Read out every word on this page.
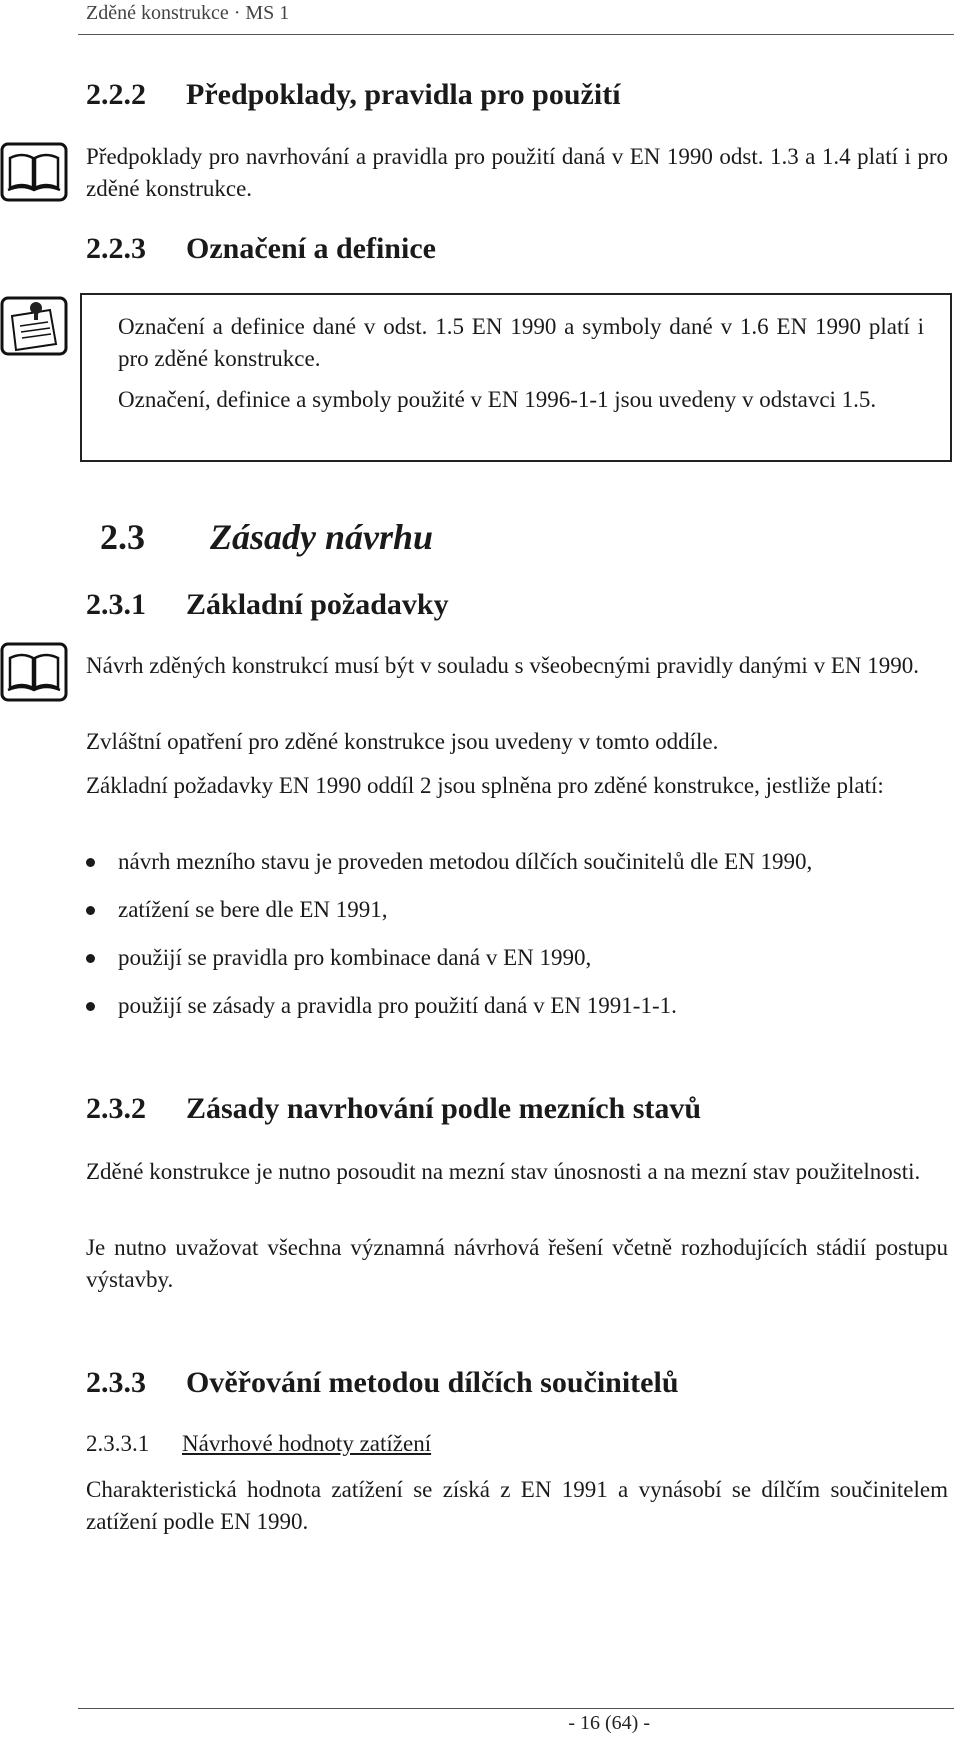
Zděné konstrukce · MS 1
2.2.2 Předpoklady, pravidla pro použití

Předpoklady pro navrhování a pravidla pro použití daná v EN 1990 odst. 1.3 a 1.4 platí i pro zděné konstrukce.

2.2.3 Označení a definice

Označení a definice dané v odst. 1.5 EN 1990 a symboly dané v 1.6 EN 1990 platí i pro zděné konstrukce.

Označení, definice a symboly použité v EN 1996-1-1 jsou uvedeny v odstavci 1.5.

2.3 Zásady návrhu
2.3.1 Základní požadavky

Návrh zděných konstrukcí musí být v souladu s všeobecnými pravidly danými v EN 1990.

Zvláštní opatření pro zděné konstrukce jsou uvedeny v tomto oddíle.

Základní požadavky EN 1990 oddíl 2 jsou splněna pro zděné konstrukce, jestliže platí:

návrh mezního stavu je proveden metodou dílčích součinitelů dle EN 1990,
zatížení se bere dle EN 1991,
použijí se pravidla pro kombinace daná v EN 1990,
použijí se zásady a pravidla pro použití daná v EN 1991-1-1.
2.3.2 Zásady navrhování podle mezních stavů

Zděné konstrukce je nutno posoudit na mezní stav únosnosti a na mezní stav použitelnosti.

Je nutno uvažovat všechna významná návrhová řešení včetně rozhodujících stádií postupu výstavby.

2.3.3 Ověřování metodou dílčích součinitelů
2.3.3.1 Návrhové hodnoty zatížení

Charakteristická hodnota zatížení se získá z EN 1991 a vynásobí se dílčím součinitelem zatížení podle EN 1990.

- 16 (64) -
